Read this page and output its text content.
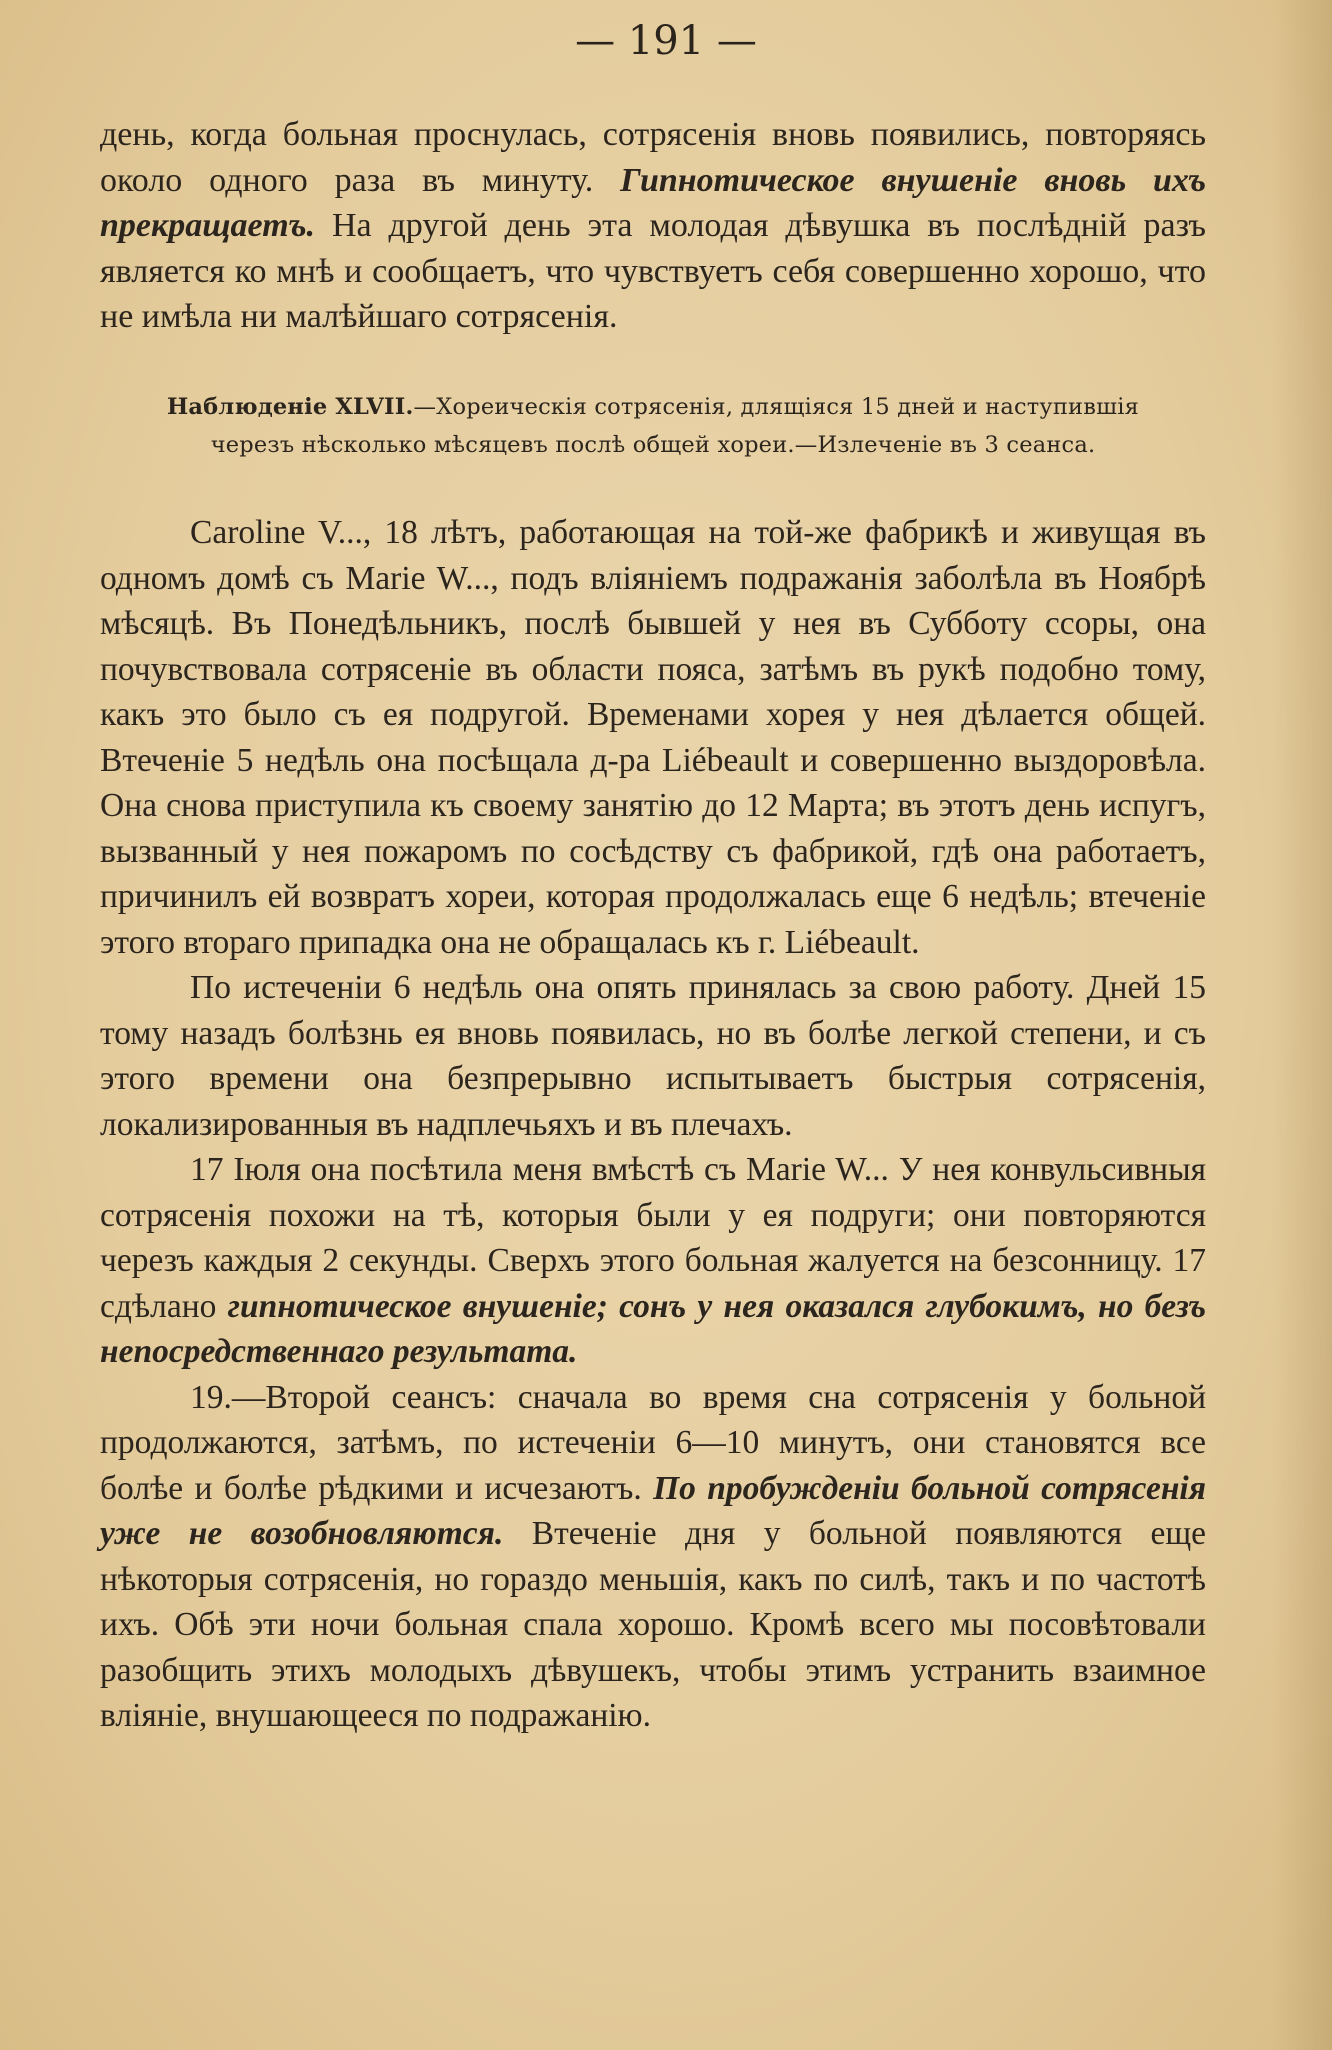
— 191 —

день, когда больная проснулась, сотрясенія вновь появились, повторяясь около одного раза въ минуту. Гипнотическое внушеніе вновь ихъ прекращаетъ. На другой день эта молодая дѣвушка въ послѣдній разъ является ко мнѣ и сообщаетъ, что чувствуетъ себя совершенно хорошо, что не имѣла ни малѣйшаго сотрясенія.

Наблюденіе XLVII.—Хореическія сотрясенія, длящіяся 15 дней и наступившія
черезъ нѣсколько мѣсяцевъ послѣ общей хореи.—Излеченіе въ 3 сеанса.

Caroline V..., 18 лѣтъ, работающая на той-же фабрикѣ и живущая въ одномъ домѣ съ Marie W..., подъ вліяніемъ подражанія заболѣла въ Ноябрѣ мѣсяцѣ. Въ Понедѣльникъ, послѣ бывшей у нея въ Субботу ссоры, она почувствовала сотрясеніе въ области пояса, затѣмъ въ рукѣ подобно тому, какъ это было съ ея подругой. Временами хорея у нея дѣлается общей. Втеченіе 5 недѣль она посѣщала д-ра Liébeault и совершенно выздоровѣла. Она снова приступила къ своему занятію до 12 Марта; въ этотъ день испугъ, вызванный у нея пожаромъ по сосѣдству съ фабрикой, гдѣ она работаетъ, причинилъ ей возвратъ хореи, которая продолжалась еще 6 недѣль; втеченіе этого втораго припадка она не обращалась къ г. Liébeault.

По истеченіи 6 недѣль она опять принялась за свою работу. Дней 15 тому назадъ болѣзнь ея вновь появилась, но въ болѣе легкой степени, и съ этого времени она безпрерывно испытываетъ быстрыя сотрясенія, локализированныя въ надплечьяхъ и въ плечахъ.

17 Іюля она посѣтила меня вмѣстѣ съ Marie W... У нея конвульсивныя сотрясенія похожи на тѣ, которыя были у ея подруги; они повторяются черезъ каждыя 2 секунды. Сверхъ этого больная жалуется на безсонницу. 17 сдѣлано гипнотическое внушеніе; сонъ у нея оказался глубокимъ, но безъ непосредственнаго результата.

19.—Второй сеансъ: сначала во время сна сотрясенія у больной продолжаются, затѣмъ, по истеченіи 6—10 минутъ, они становятся все болѣе и болѣе рѣдкими и исчезаютъ. По пробужденіи больной сотрясенія уже не возобновляются. Втеченіе дня у больной появляются еще нѣкоторыя сотрясенія, но гораздо меньшія, какъ по силѣ, такъ и по частотѣ ихъ. Обѣ эти ночи больная спала хорошо. Кромѣ всего мы посовѣтовали разобщить этихъ молодыхъ дѣвушекъ, чтобы этимъ устранить взаимное вліяніе, внушающееся по подражанію.
